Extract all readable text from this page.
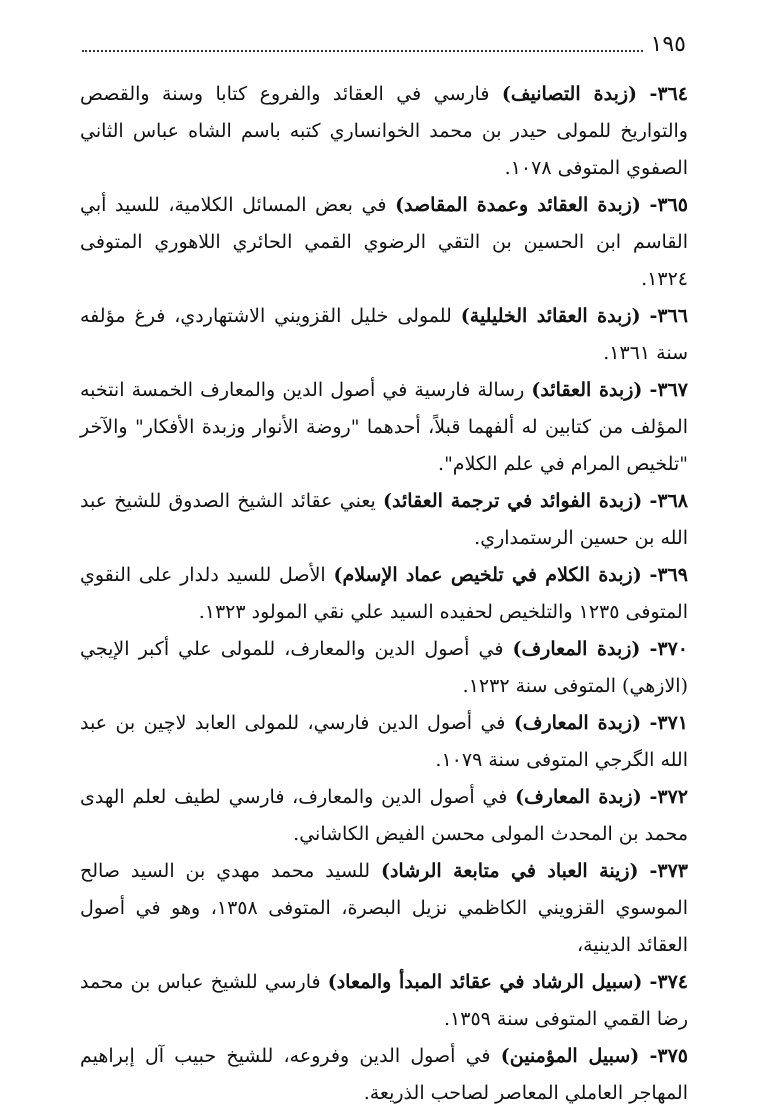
١٩٥

٣٦٤- (زبدة التصانيف) فارسي في العقائد والفروع كتابا وسنة والقصص والتواريخ للمولى حيدر بن محمد الخوانساري كتبه باسم الشاه عباس الثاني الصفوي المتوفى ١٠٧٨.

٣٦٥- (زبدة العقائد وعمدة المقاصد) في بعض المسائل الكلامية، للسيد أبي القاسم ابن الحسين بن التقي الرضوي القمي الحائري اللاهوري المتوفى ١٣٢٤.

٣٦٦- (زبدة العقائد الخليلية) للمولى خليل القزويني الاشتهاردي، فرغ مؤلفه سنة ١٣٦١.

٣٦٧- (زبدة العقائد) رسالة فارسية في أصول الدين والمعارف الخمسة انتخبه المؤلف من كتابين له ألفهما قبلاً، أحدهما "روضة الأنوار وزبدة الأفكار" والآخر "تلخيص المرام في علم الكلام".

٣٦٨- (زبدة الفوائد في ترجمة العقائد) يعني عقائد الشيخ الصدوق للشيخ عبد الله بن حسين الرستمداري.

٣٦٩- (زبدة الكلام في تلخيص عماد الإسلام) الأصل للسيد دلدار على النقوي المتوفى ١٢٣٥ والتلخيص لحفيده السيد علي نقي المولود ١٣٢٣.

٣٧٠- (زبدة المعارف) في أصول الدين والمعارف، للمولى علي أكبر الإيجي (الازهي) المتوفى سنة ١٢٣٢.

٣٧١- (زبدة المعارف) في أصول الدين فارسي، للمولى العابد لاچين بن عبد الله الگرجي المتوفى سنة ١٠٧٩.

٣٧٢- (زبدة المعارف) في أصول الدين والمعارف، فارسي لطيف لعلم الهدى محمد بن المحدث المولى محسن الفيض الكاشاني.

٣٧٣- (زينة العباد في متابعة الرشاد) للسيد محمد مهدي بن السيد صالح الموسوي القزويني الكاظمي نزيل البصرة، المتوفى ١٣٥٨، وهو في أصول العقائد الدينية،

٣٧٤- (سبيل الرشاد في عقائد المبدأ والمعاد) فارسي للشيخ عباس بن محمد رضا القمي المتوفى سنة ١٣٥٩.

٣٧٥- (سبيل المؤمنين) في أصول الدين وفروعه، للشيخ حبيب آل إبراهيم المهاجر العاملي المعاصر لصاحب الذريعة.
